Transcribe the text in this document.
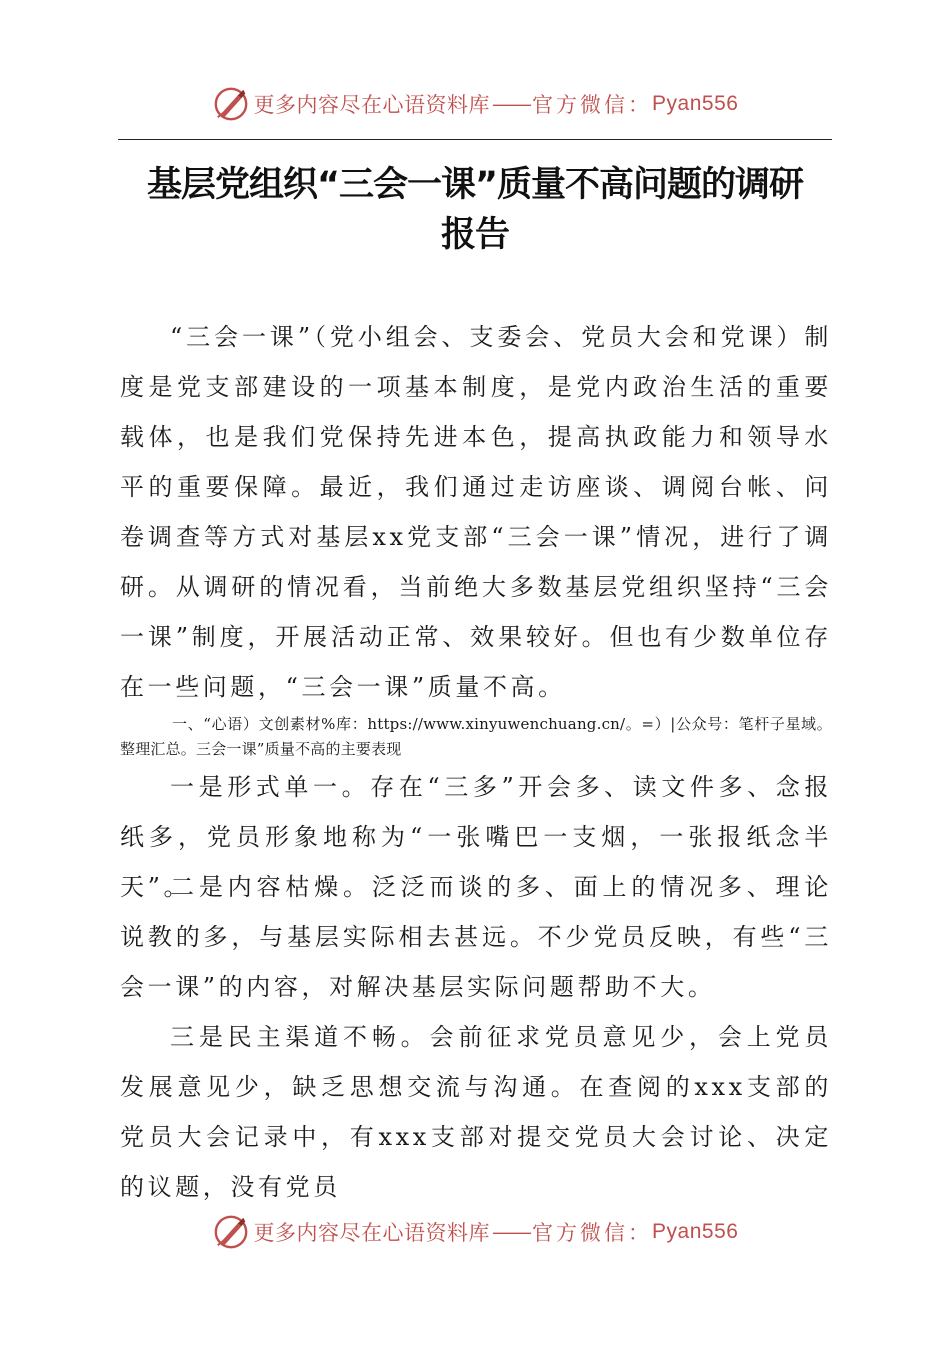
更多内容尽在心语资料库 —— 官方微信： Pyan556
基层党组织“三会一课”质量不高问题的调研
报告

“三会一课”（党小组会、支委会、党员大会和党课）制度是党支部建设的一项基本制度，是党内政治生活的重要载体，也是我们党保持先进本色，提高执政能力和领导水平的重要保障。最近，我们通过走访座谈、调阅台帐、问卷调查等方式对基层xx党支部“三会一课”情况，进行了调研。从调研的情况看，当前绝大多数基层党组织坚持“三会一课”制度，开展活动正常、效果较好。但也有少数单位存在一些问题，“三会一课”质量不高。

一、“心语）文创素材%库：https://www.xinyuwenchuang.cn/。=）|公众号：笔杆子星域。整理汇总。三会一课”质量不高的主要表现

一是形式单一。存在“三多”开会多、读文件多、念报纸多，党员形象地称为“一张嘴巴一支烟，一张报纸念半天”。

二是内容枯燥。泛泛而谈的多、面上的情况多、理论说教的多，与基层实际相去甚远。不少党员反映，有些“三会一课”的内容，对解决基层实际问题帮助不大。

三是民主渠道不畅。会前征求党员意见少，会上党员发展意见少，缺乏思想交流与沟通。在查阅的xxx支部的党员大会记录中，有xxx支部对提交党员大会讨论、决定的议题，没有党员

更多内容尽在心语资料库 —— 官方微信： Pyan556
